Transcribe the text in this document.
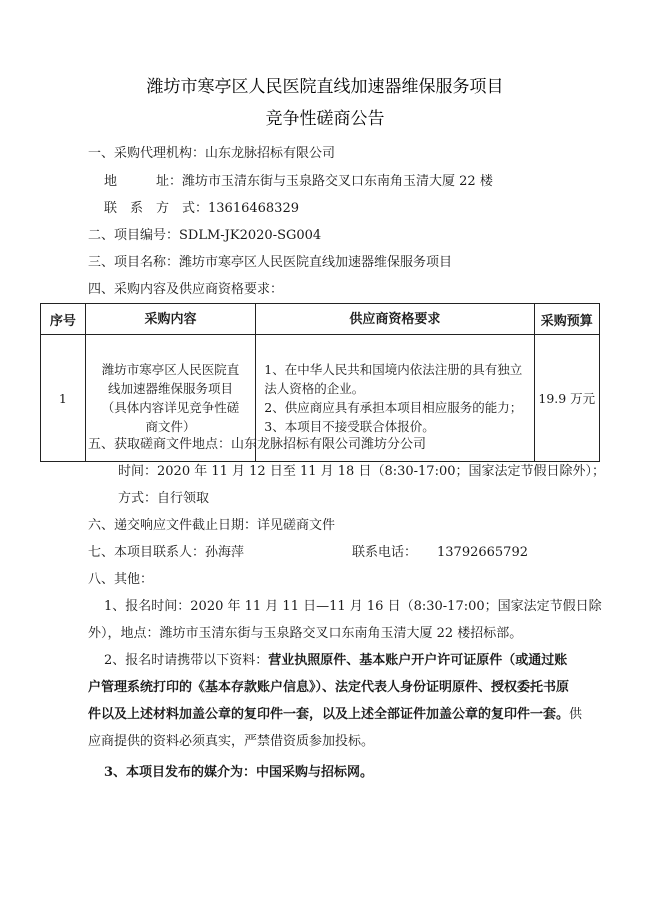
潍坊市寒亭区人民医院直线加速器维保服务项目
竞争性磋商公告
一、采购代理机构：山东龙脉招标有限公司
地　　　址：潍坊市玉清东街与玉泉路交叉口东南角玉清大厦 22 楼
联　系　方　式：13616468329
二、项目编号：SDLM-JK2020-SG004
三、项目名称：潍坊市寒亭区人民医院直线加速器维保服务项目
四、采购内容及供应商资格要求：
序号	采购内容	供应商资格要求	采购预算
1	潍坊市寒亭区人民医院直
线加速器维保服务项目
（具体内容详见竞争性磋
商文件）	1、在中华人民共和国境内依法注册的具有独立
法人资格的企业。
2、供应商应具有承担本项目相应服务的能力；
3、本项目不接受联合体报价。	19.9 万元
五、获取磋商文件地点：山东龙脉招标有限公司潍坊分公司
时间：2020 年 11 月 12 日至 11 月 18 日（8:30-17:00；国家法定节假日除外）；
方式：自行领取
六、递交响应文件截止日期：详见磋商文件
七、本项目联系人：孙海萍	联系电话： 13792665792
八、其他：
1、报名时间：2020 年 11 月 11 日—11 月 16 日（8:30-17:00；国家法定节假日除
外），地点：潍坊市玉清东街与玉泉路交叉口东南角玉清大厦 22 楼招标部。
2、报名时请携带以下资料：营业执照原件、基本账户开户许可证原件（或通过账
户管理系统打印的《基本存款账户信息》）、法定代表人身份证明原件、授权委托书原
件以及上述材料加盖公章的复印件一套，以及上述全部证件加盖公章的复印件一套。供
应商提供的资料必须真实，严禁借资质参加投标。
3、本项目发布的媒介为：中国采购与招标网。
